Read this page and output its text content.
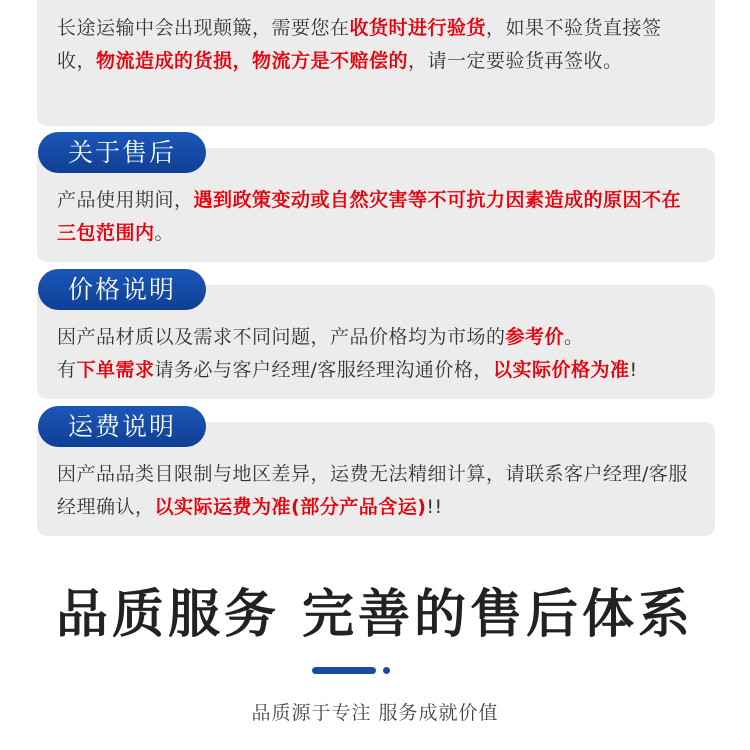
长途运输中会出现颠簸，需要您在收货时进行验货，如果不验货直接签收，物流造成的货损，物流方是不赔偿的，请一定要验货再签收。

产品使用期间，遇到政策变动或自然灾害等不可抗力因素造成的原因不在三包范围内。

关于售后

因产品材质以及需求不同问题，产品价格均为市场的参考价。

有下单需求请务必与客户经理/客服经理沟通价格，以实际价格为准!

价格说明

因产品品类目限制与地区差异，运费无法精细计算，请联系客户经理/客服经理确认，以实际运费为准(部分产品含运)!!

运费说明
品质服务 完善的售后体系
品质源于专注 服务成就价值
